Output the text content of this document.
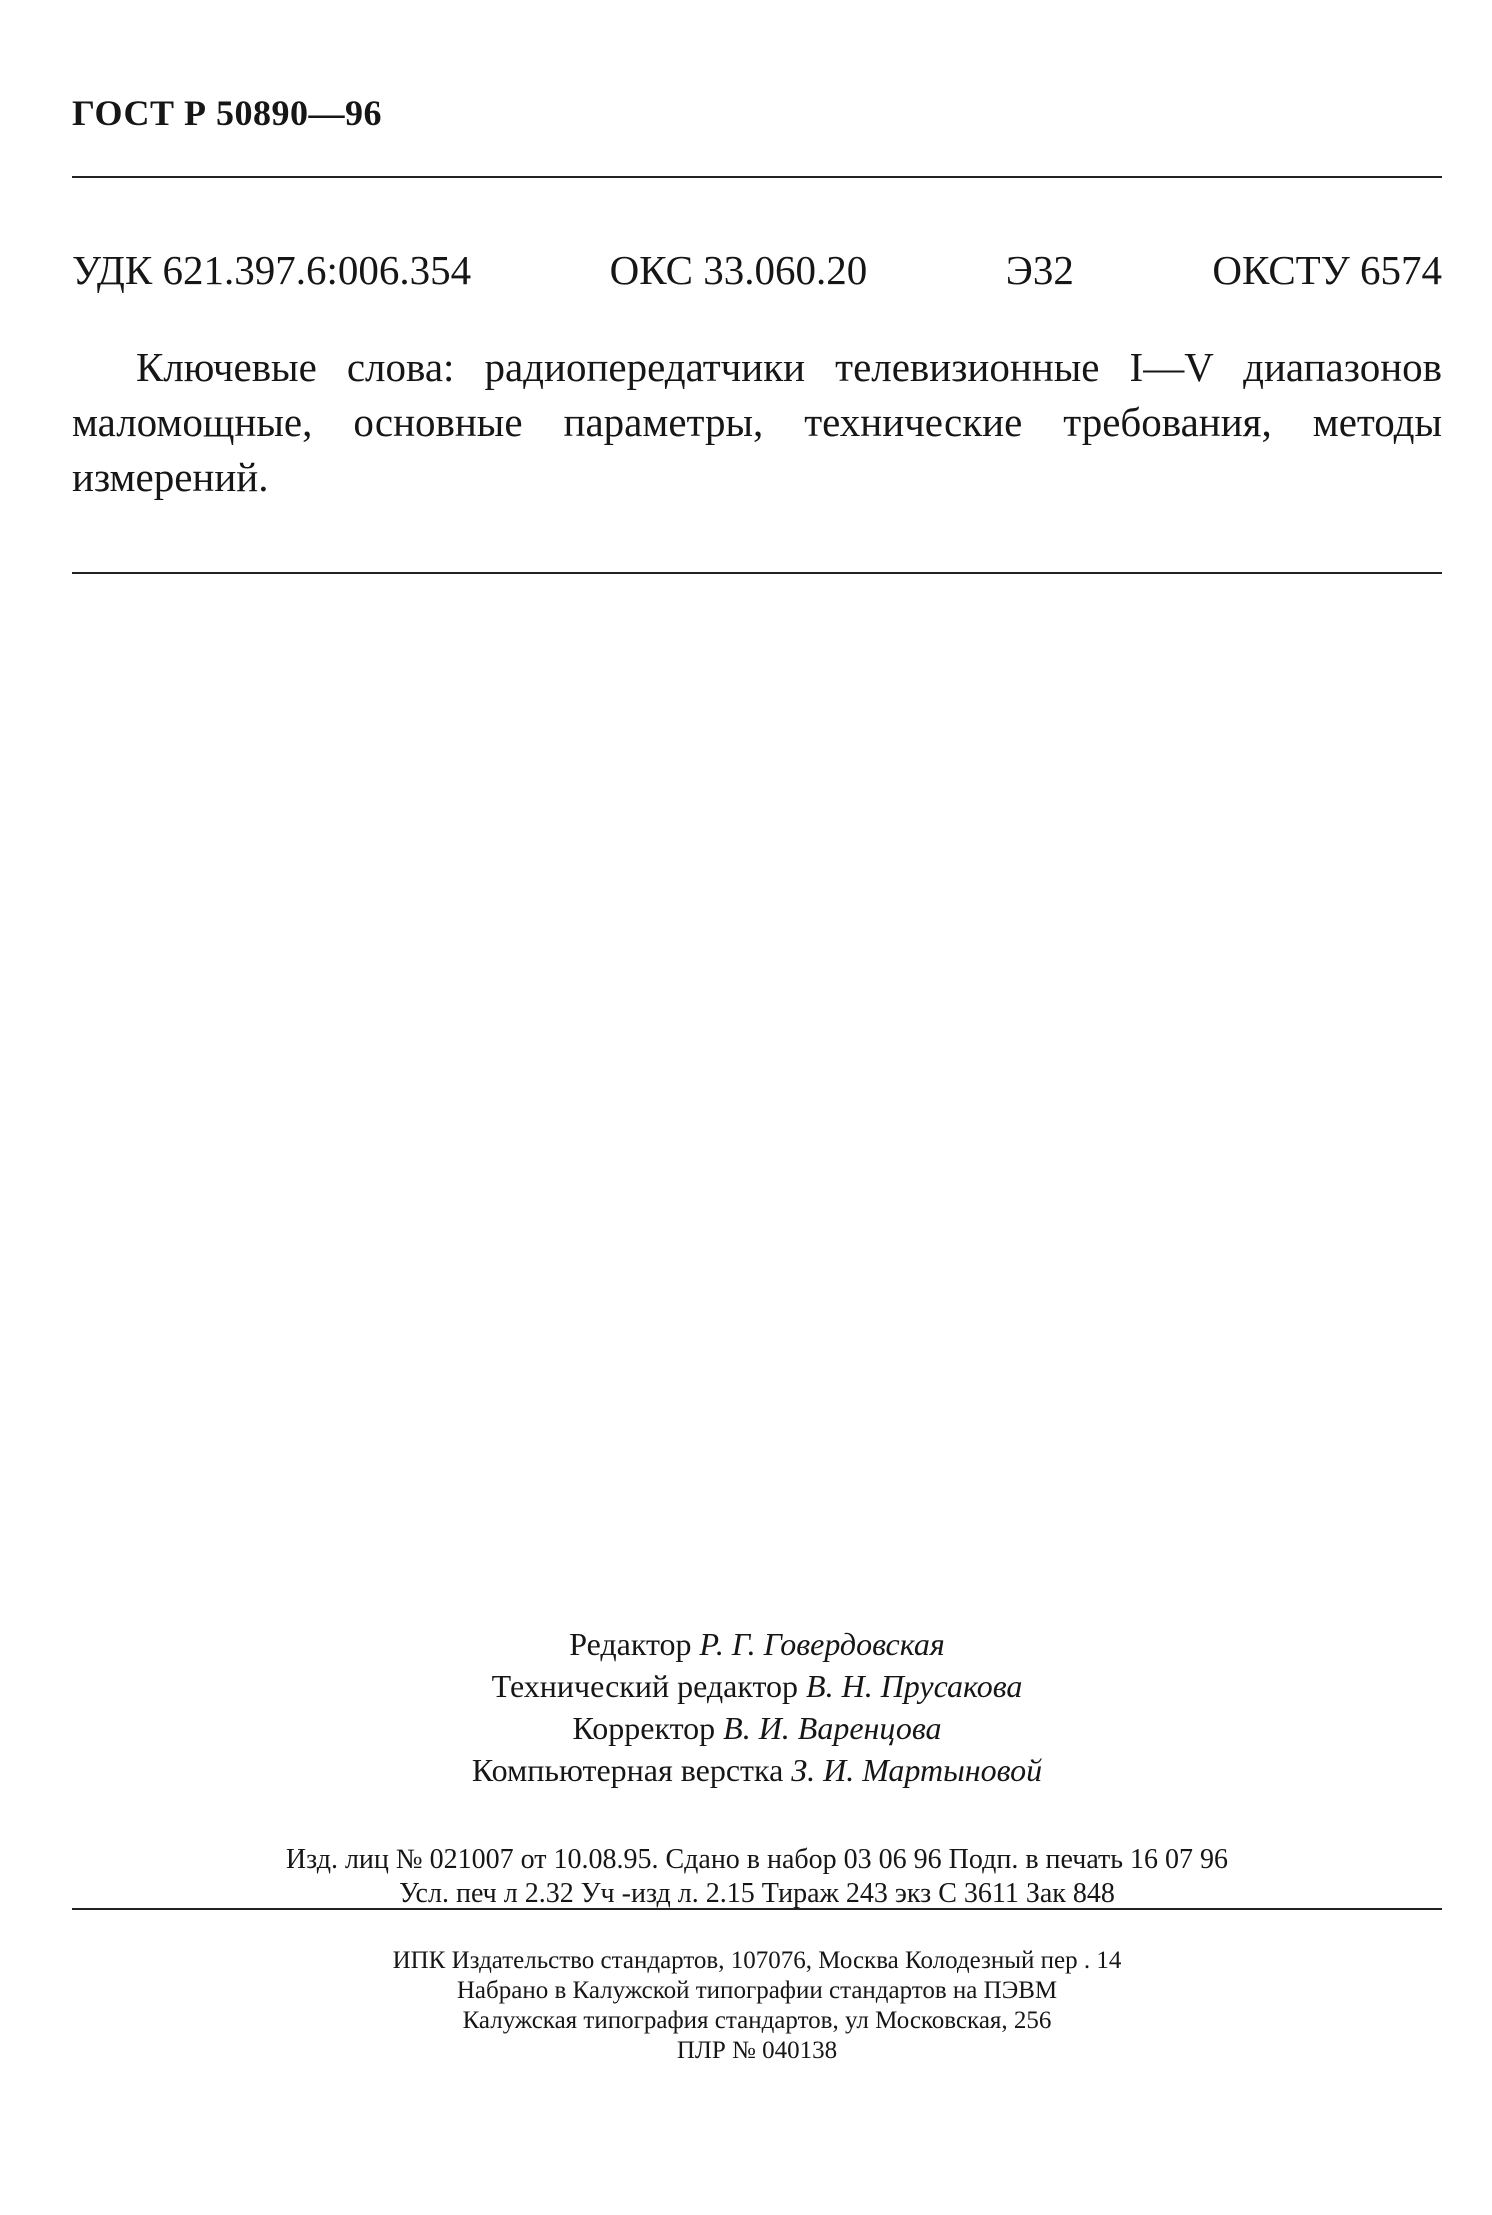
ГОСТ Р 50890—96
УДК 621.397.6:006.354	ОКС 33.060.20	Э32	ОКСТУ 6574
Ключевые слова: радиопередатчики телевизионные I—V диапазонов маломощные, основные параметры, технические требования, методы измерений.
Редактор Р. Г. Говердовская
Технический редактор В. Н. Прусакова
Корректор В. И. Варенцова
Компьютерная верстка З. И. Мартыновой
Изд. лиц № 021007 от 10.08.95. Сдано в набор 03 06 96 Подп. в печать 16 07 96
Усл. печ л 2.32 Уч -изд л. 2.15 Тираж 243 экз С 3611 Зак 848
ИПК Издательство стандартов, 107076, Москва Колодезный пер . 14
Набрано в Калужской типографии стандартов на ПЭВМ
Калужская типография стандартов, ул Московская, 256
ПЛР № 040138
